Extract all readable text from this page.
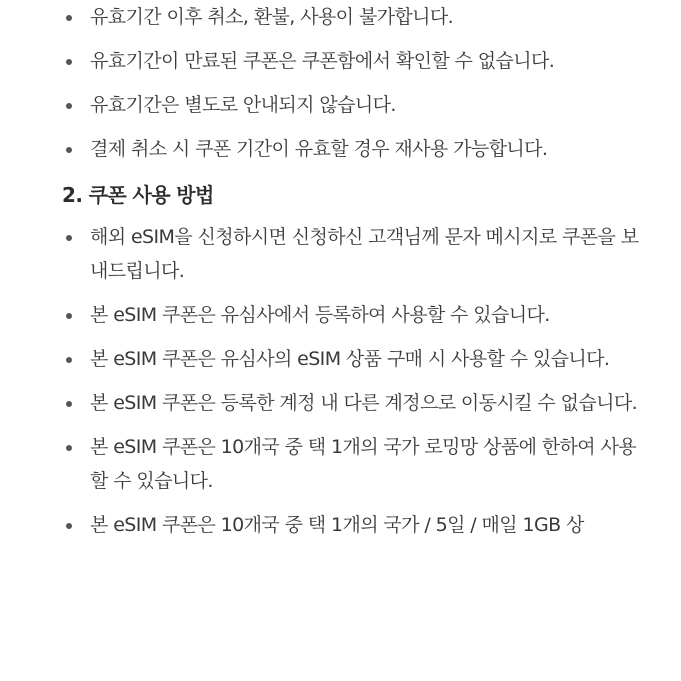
유효기간 이후 취소, 환불, 사용이 불가합니다.
유효기간이 만료된 쿠폰은 쿠폰함에서 확인할 수 없습니다.
유효기간은 별도로 안내되지 않습니다.
결제 취소 시 쿠폰 기간이 유효할 경우 재사용 가능합니다.
2. 쿠폰 사용 방법
해외 eSIM을 신청하시면 신청하신 고객님께 문자 메시지로 쿠폰을 보내드립니다.
본 eSIM 쿠폰은 유심사에서 등록하여 사용할 수 있습니다.
본 eSIM 쿠폰은 유심사의 eSIM 상품 구매 시 사용할 수 있습니다.
본 eSIM 쿠폰은 등록한 계정 내 다른 계정으로 이동시킬 수 없습니다.
본 eSIM 쿠폰은 10개국 중 택 1개의 국가 로밍망 상품에 한하여 사용할 수 있습니다.
본 eSIM 쿠폰은 10개국 중 택 1개의 국가 / 5일 / 매일 1GB 상
